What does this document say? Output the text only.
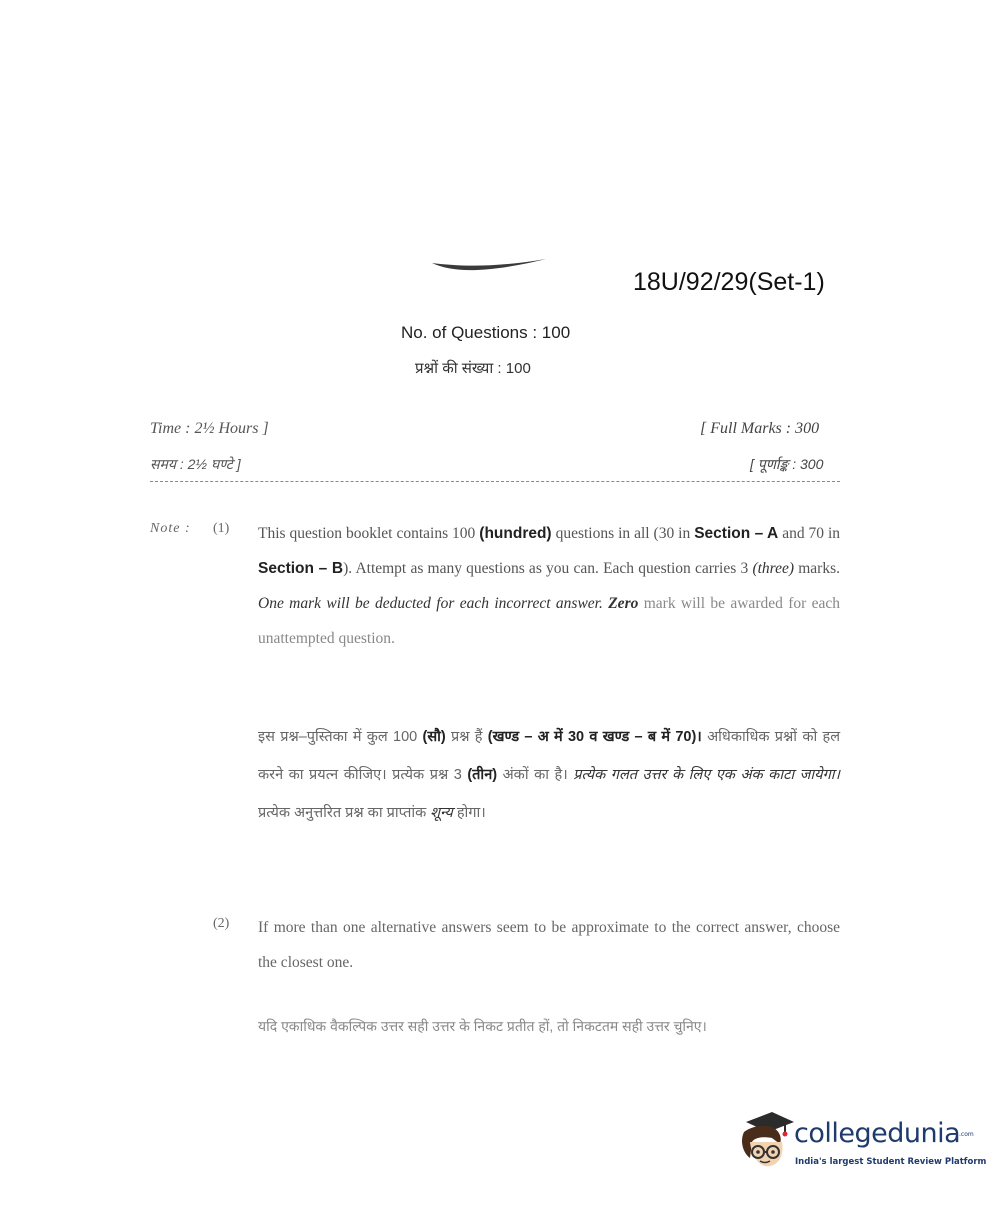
18U/92/29(Set-1)
No. of Questions : 100
प्रश्नों की संख्या : 100
Time : 2½ Hours ]	[ Full Marks : 300
समय : 2½ घण्टे ]	[ पूर्णाङ्क : 300
Note : (1) This question booklet contains 100 (hundred) questions in all (30 in Section – A and 70 in Section – B). Attempt as many questions as you can. Each question carries 3 (three) marks. One mark will be deducted for each incorrect answer. Zero mark will be awarded for each unattempted question.
इस प्रश्न–पुस्तिका में कुल 100 (सौ) प्रश्न हैं (खण्ड – अ में 30 व खण्ड – ब में 70)। अधिकाधिक प्रश्नों को हल करने का प्रयत्न कीजिए। प्रत्येक प्रश्न 3 (तीन) अंकों का है। प्रत्येक गलत उत्तर के लिए एक अंक काटा जायेगा। प्रत्येक अनुत्तरित प्रश्न का प्राप्तांक शून्य होगा।
(2) If more than one alternative answers seem to be approximate to the correct answer, choose the closest one.
यदि एकाधिक वैकल्पिक उत्तर सही उत्तर के निकट प्रतीत हों, तो निकटतम सही उत्तर चुनिए।
collegedunia
.com
India's largest Student Review Platform
